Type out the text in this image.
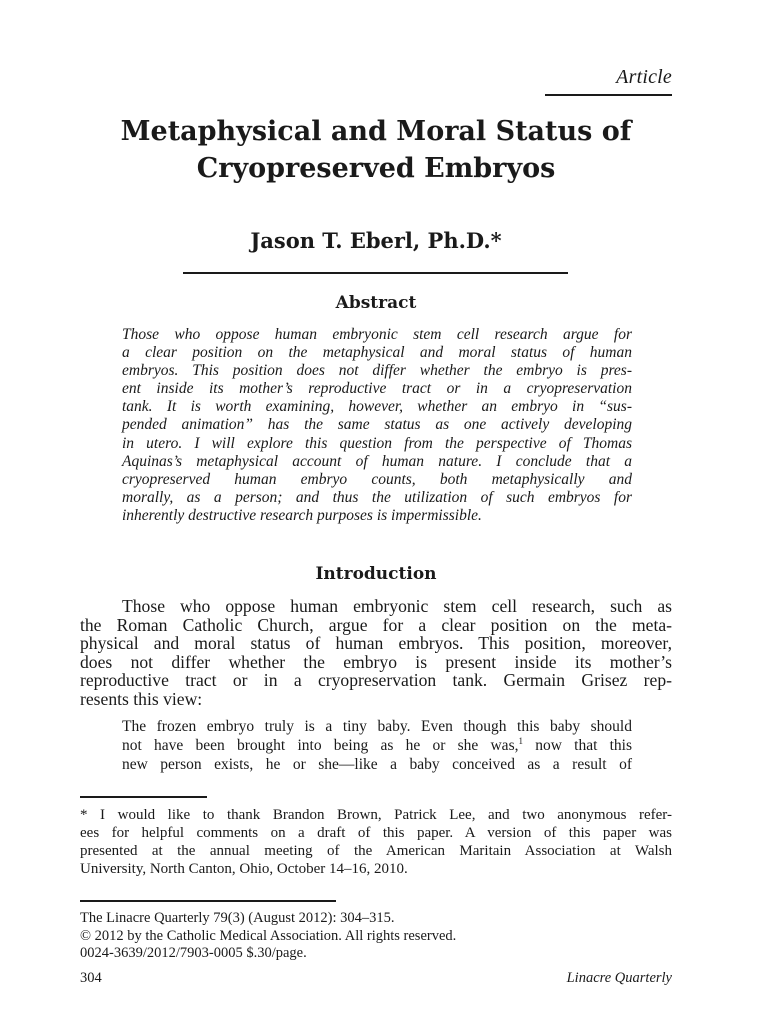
Article
Metaphysical and Moral Status of
Cryopreserved Embryos
Jason T. Eberl, Ph.D.*
Abstract
Those who oppose human embryonic stem cell research argue for
a clear position on the metaphysical and moral status of human
embryos. This position does not differ whether the embryo is pres-
ent inside its mother’s reproductive tract or in a cryopreservation
tank. It is worth examining, however, whether an embryo in “sus-
pended animation” has the same status as one actively developing
in utero. I will explore this question from the perspective of Thomas
Aquinas’s metaphysical account of human nature. I conclude that a
cryopreserved human embryo counts, both metaphysically and
morally, as a person; and thus the utilization of such embryos for
inherently destructive research purposes is impermissible.
Introduction
Those who oppose human embryonic stem cell research, such as
the Roman Catholic Church, argue for a clear position on the meta-
physical and moral status of human embryos. This position, moreover,
does not differ whether the embryo is present inside its mother’s
reproductive tract or in a cryopreservation tank. Germain Grisez rep-
resents this view:
The frozen embryo truly is a tiny baby. Even though this baby should
not have been brought into being as he or she was,$^1$ now that this
new person exists, he or she—like a baby conceived as a result of
* I would like to thank Brandon Brown, Patrick Lee, and two anonymous refer-
ees for helpful comments on a draft of this paper. A version of this paper was
presented at the annual meeting of the American Maritain Association at Walsh
University, North Canton, Ohio, October 14–16, 2010.
The Linacre Quarterly 79(3) (August 2012): 304–315.
© 2012 by the Catholic Medical Association. All rights reserved.
0024-3639/2012/7903-0005 $.30/page.
304	Linacre Quarterly
